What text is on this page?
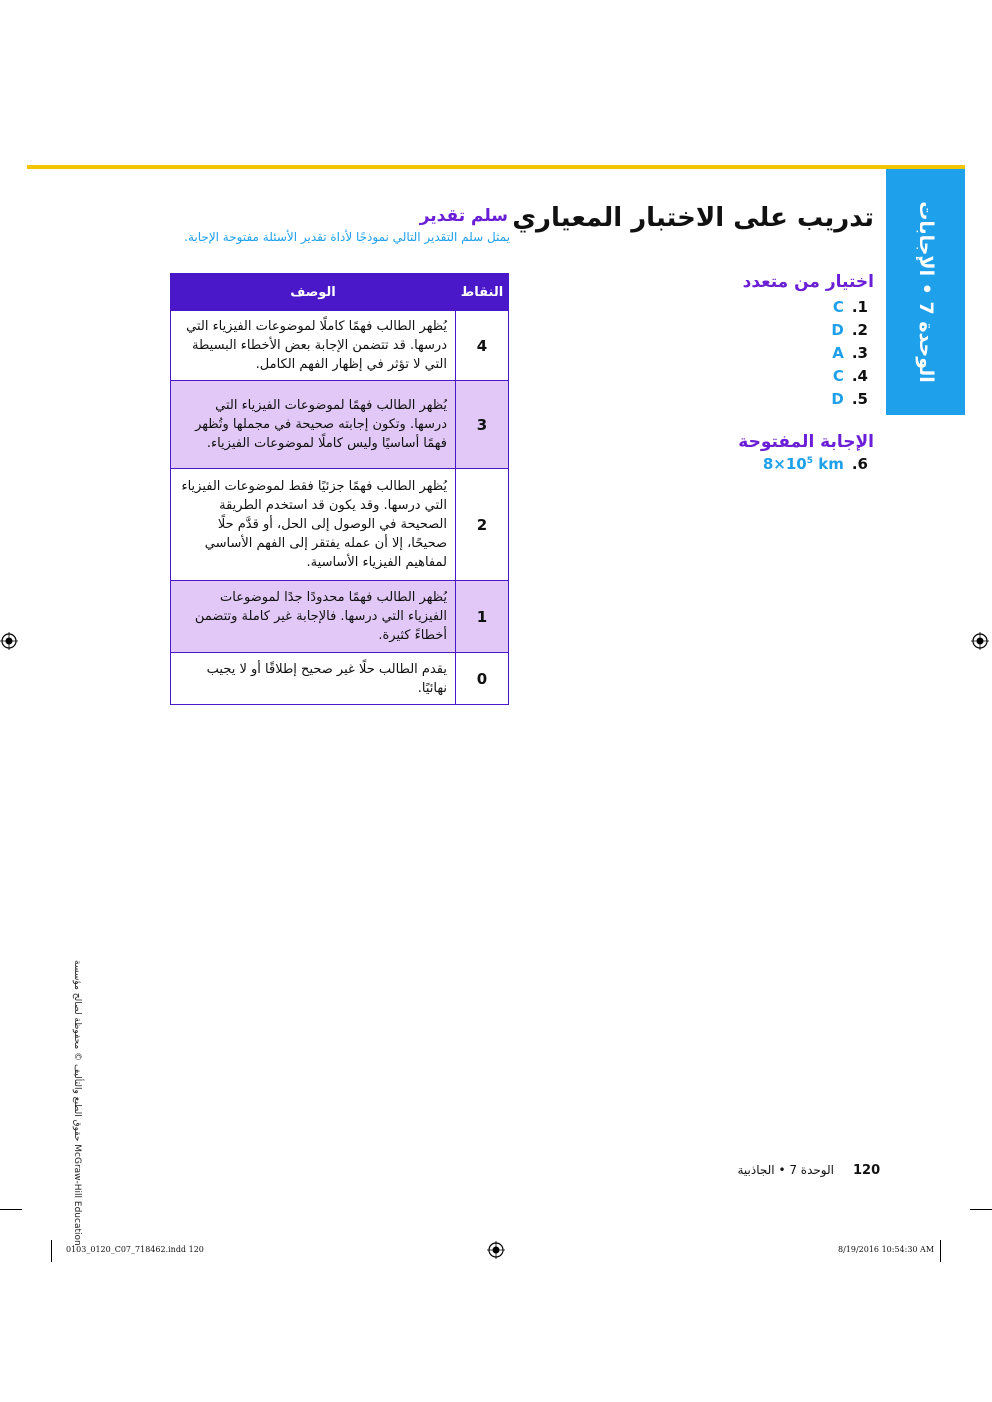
الوحدة 7 • الإجابات
تدريب على الاختبار المعياري
اختيار من متعدد
C .1
D .2
A .3
C .4
D .5
الإجابة المفتوحة
$8\times 10^5$ km .6
سلم تقدير
يمثل سلم التقدير التالي نموذجًا لأداة تقدير الأسئلة مفتوحة الإجابة.
النقاط	الوصف
4	يُظهر الطالب فهمًا كاملًا لموضوعات الفيزياء التي درسها. قد تتضمن الإجابة بعض الأخطاء البسيطة التي لا تؤثر في إظهار الفهم الكامل.
3	يُظهر الطالب فهمًا لموضوعات الفيزياء التي درسها. وتكون إجابته صحيحة في مجملها وتُظهر فهمًا أساسيًا وليس كاملًا لموضوعات الفيزياء.
2	يُظهر الطالب فهمًا جزئيًا فقط لموضوعات الفيزياء التي درسها. وقد يكون قد استخدم الطريقة الصحيحة في الوصول إلى الحل، أو قدَّم حلًا صحيحًا، إلا أن عمله يفتقر إلى الفهم الأساسي لمفاهيم الفيزياء الأساسية.
1	يُظهر الطالب فهمًا محدودًا جدًا لموضوعات الفيزياء التي درسها. فالإجابة غير كاملة وتتضمن أخطاءً كثيرة.
0	يقدم الطالب حلًا غير صحيح إطلاقًا أو لا يجيب نهائيًا.
حقوق الطبع والتأليف © محفوظة لصالح مؤسسة McGraw-Hill Education	120
الوحدة 7 • الجاذبية
0103_0120_C07_718462.indd 120	8/19/2016 10:54:30 AM
